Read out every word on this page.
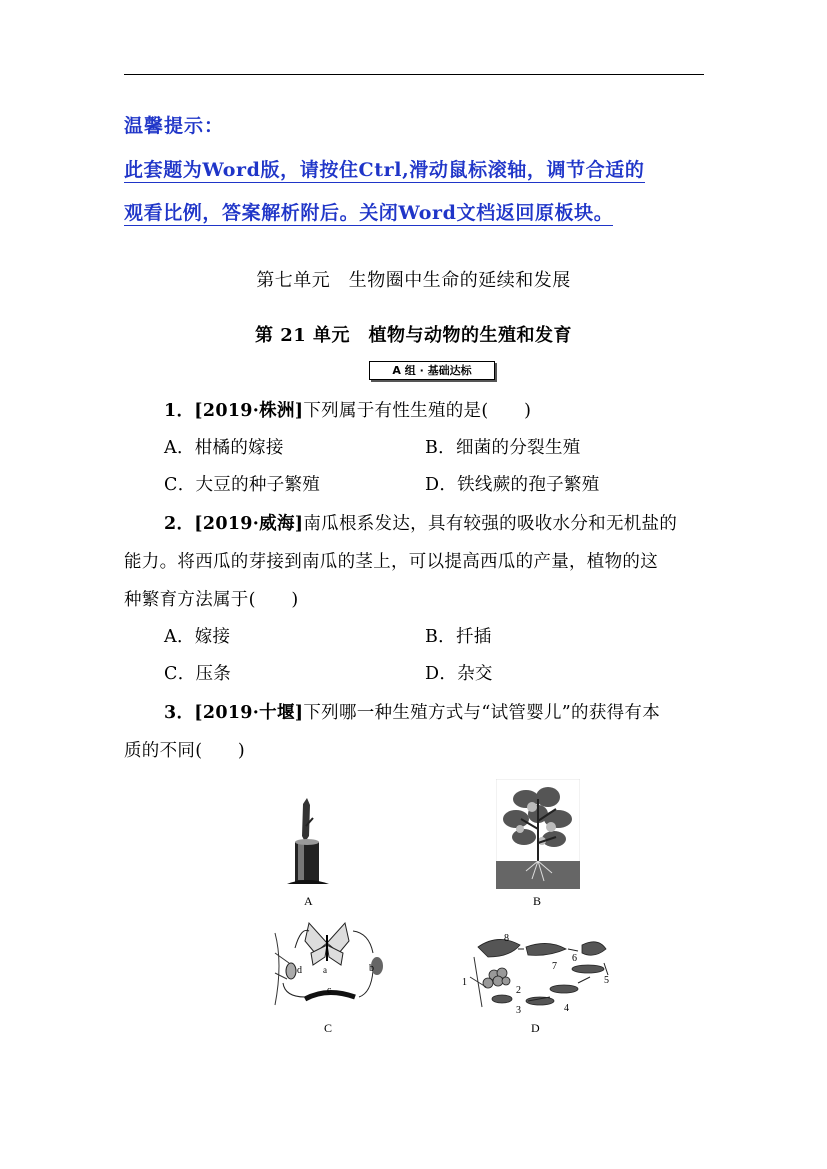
温馨提示：
此套题为Word版，请按住Ctrl,滑动鼠标滚轴，调节合适的
观看比例，答案解析附后。关闭Word文档返回原板块。
第七单元　生物圈中生命的延续和发展
第 21 单元　植物与动物的生殖和发育
A 组 · 基础达标
1．[2019·株洲]下列属于有性生殖的是(　　)
A．柑橘的嫁接	B．细菌的分裂生殖
C．大豆的种子繁殖	D．铁线蕨的孢子繁殖
2．[2019·威海]南瓜根系发达，具有较强的吸收水分和无机盐的
能力。将西瓜的芽接到南瓜的茎上，可以提高西瓜的产量，植物的这
种繁育方法属于(　　)
A．嫁接	B．扦插
C．压条	D．杂交
3．[2019·十堰]下列哪一种生殖方式与“试管婴儿”的获得有本
质的不同(　　)
A	B
a	b
c
d
C
1
2
3	4
5
6
7
8
D
